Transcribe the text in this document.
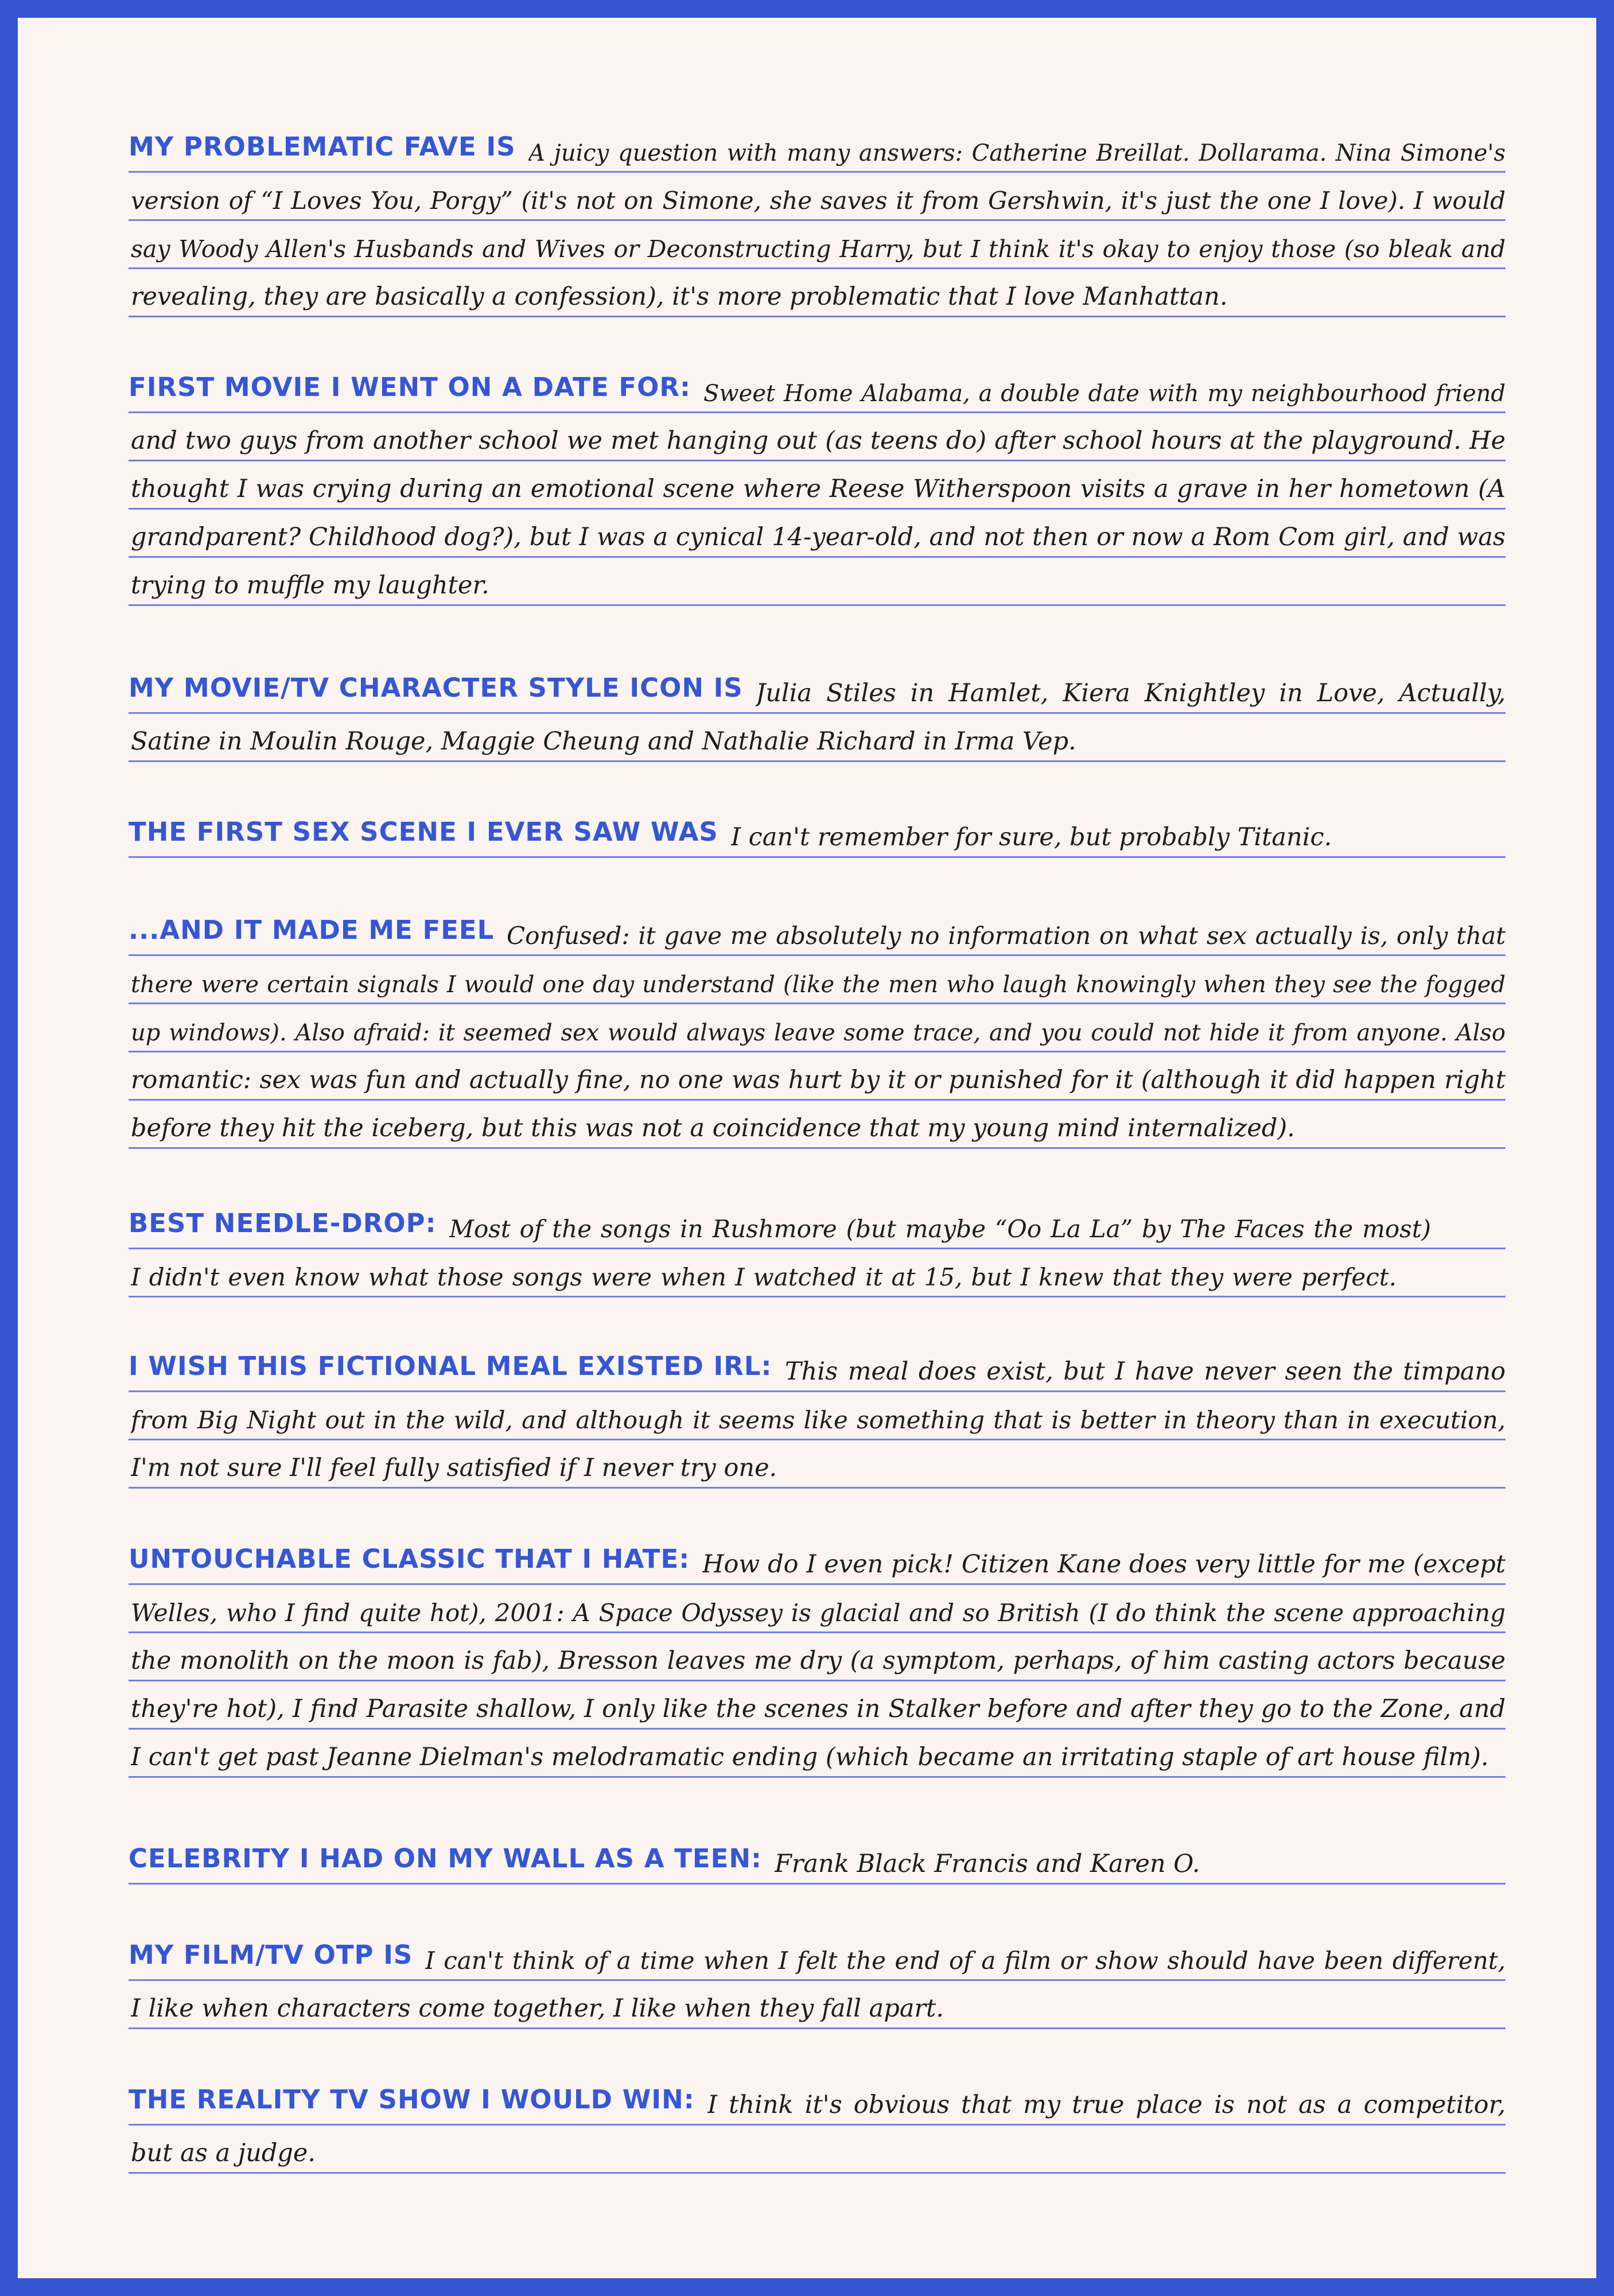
MY PROBLEMATIC FAVE IS A juicy question with many answers: Catherine Breillat. Dollarama. Nina Simone's
version of “I Loves You, Porgy” (it's not on Simone, she saves it from Gershwin, it's just the one I love). I would
say Woody Allen's Husbands and Wives or Deconstructing Harry, but I think it's okay to enjoy those (so bleak and
revealing, they are basically a confession), it's more problematic that I love Manhattan.
FIRST MOVIE I WENT ON A DATE FOR: Sweet Home Alabama, a double date with my neighbourhood friend
and two guys from another school we met hanging out (as teens do) after school hours at the playground. He
thought I was crying during an emotional scene where Reese Witherspoon visits a grave in her hometown (A
grandparent? Childhood dog?), but I was a cynical 14-year-old, and not then or now a Rom Com girl, and was
trying to muffle my laughter.
MY MOVIE/TV CHARACTER STYLE ICON IS Julia Stiles in Hamlet, Kiera Knightley in Love, Actually,
Satine in Moulin Rouge, Maggie Cheung and Nathalie Richard in Irma Vep.
THE FIRST SEX SCENE I EVER SAW WAS I can't remember for sure, but probably Titanic.
...AND IT MADE ME FEEL Confused: it gave me absolutely no information on what sex actually is, only that
there were certain signals I would one day understand (like the men who laugh knowingly when they see the fogged
up windows). Also afraid: it seemed sex would always leave some trace, and you could not hide it from anyone. Also
romantic: sex was fun and actually fine, no one was hurt by it or punished for it (although it did happen right
before they hit the iceberg, but this was not a coincidence that my young mind internalized).
BEST NEEDLE-DROP: Most of the songs in Rushmore (but maybe “Oo La La” by The Faces the most)
I didn't even know what those songs were when I watched it at 15, but I knew that they were perfect.
I WISH THIS FICTIONAL MEAL EXISTED IRL: This meal does exist, but I have never seen the timpano
from Big Night out in the wild, and although it seems like something that is better in theory than in execution,
I'm not sure I'll feel fully satisfied if I never try one.
UNTOUCHABLE CLASSIC THAT I HATE: How do I even pick! Citizen Kane does very little for me (except
Welles, who I find quite hot), 2001: A Space Odyssey is glacial and so British (I do think the scene approaching
the monolith on the moon is fab), Bresson leaves me dry (a symptom, perhaps, of him casting actors because
they're hot), I find Parasite shallow, I only like the scenes in Stalker before and after they go to the Zone, and
I can't get past Jeanne Dielman's melodramatic ending (which became an irritating staple of art house film).
CELEBRITY I HAD ON MY WALL AS A TEEN: Frank Black Francis and Karen O.
MY FILM/TV OTP IS I can't think of a time when I felt the end of a film or show should have been different,
I like when characters come together, I like when they fall apart.
THE REALITY TV SHOW I WOULD WIN: I think it's obvious that my true place is not as a competitor,
but as a judge.
